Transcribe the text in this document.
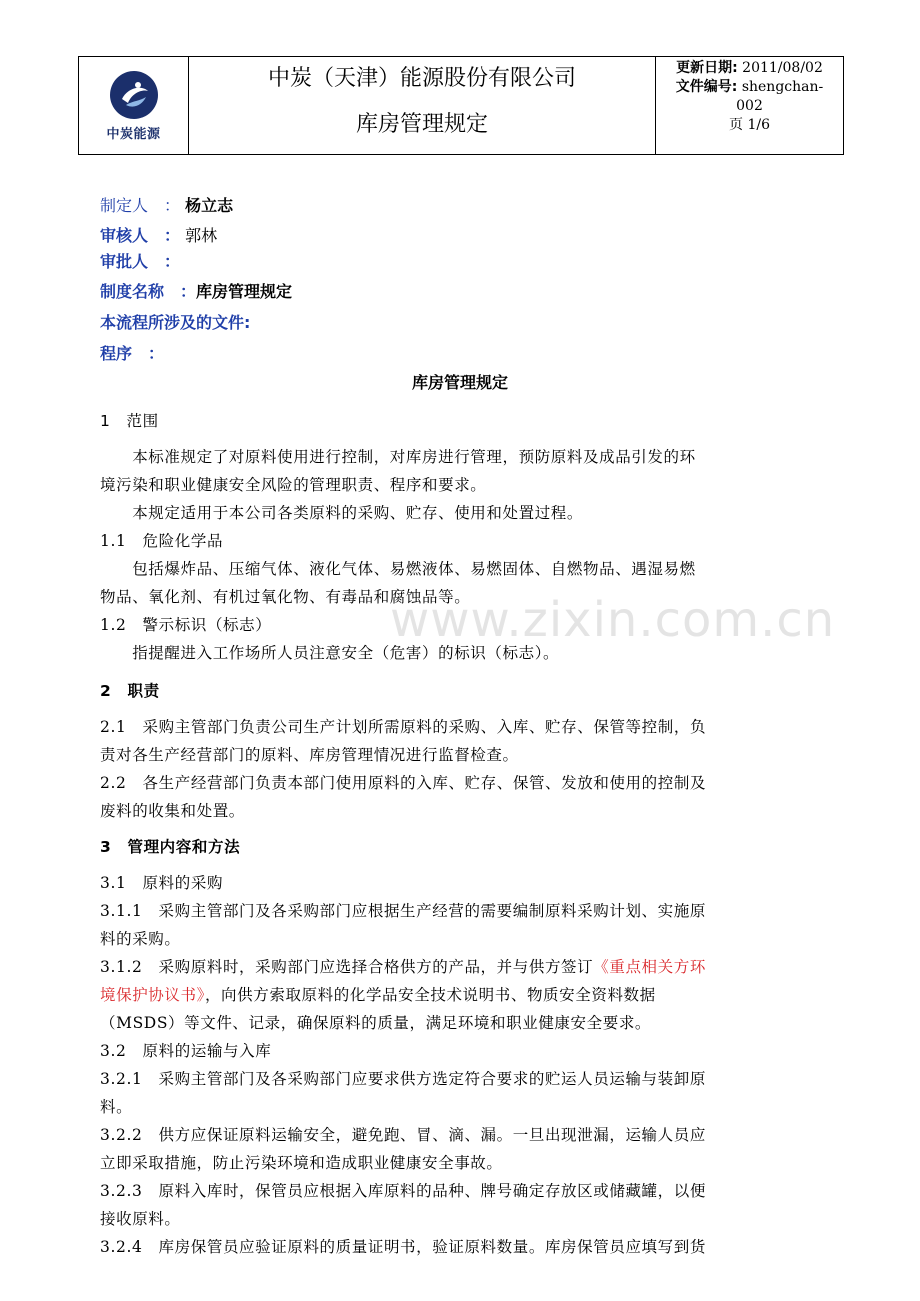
中炭能源
中炭（天津）能源股份有限公司
库房管理规定
更新日期: 2011/08/02
文件编号: shengchan-
002
页 1/6
制定人　： 杨立志
审核人　： 郭林
审批人　：
制度名称　：库房管理规定
本流程所涉及的文件:
程序　：
库房管理规定
www.zixin.com.cn
1　范围
　　本标准规定了对原料使用进行控制，对库房进行管理，预防原料及成品引发的环
境污染和职业健康安全风险的管理职责、程序和要求。
　　本规定适用于本公司各类原料的采购、贮存、使用和处置过程。
1.1　危险化学品
　　包括爆炸品、压缩气体、液化气体、易燃液体、易燃固体、自燃物品、遇湿易燃
物品、氧化剂、有机过氧化物、有毒品和腐蚀品等。
1.2　警示标识（标志）
　　指提醒进入工作场所人员注意安全（危害）的标识（标志）。
2　职责
2.1　采购主管部门负责公司生产计划所需原料的采购、入库、贮存、保管等控制，负
责对各生产经营部门的原料、库房管理情况进行监督检查。
2.2　各生产经营部门负责本部门使用原料的入库、贮存、保管、发放和使用的控制及
废料的收集和处置。
3　管理内容和方法
3.1　原料的采购
3.1.1　采购主管部门及各采购部门应根据生产经营的需要编制原料采购计划、实施原
料的采购。
3.1.2　采购原料时，采购部门应选择合格供方的产品，并与供方签订《重点相关方环
境保护协议书》，向供方索取原料的化学品安全技术说明书、物质安全资料数据
（MSDS）等文件、记录，确保原料的质量，满足环境和职业健康安全要求。
3.2　原料的运输与入库
3.2.1　采购主管部门及各采购部门应要求供方选定符合要求的贮运人员运输与装卸原
料。
3.2.2　供方应保证原料运输安全，避免跑、冒、滴、漏。一旦出现泄漏，运输人员应
立即采取措施，防止污染环境和造成职业健康安全事故。
3.2.3　原料入库时，保管员应根据入库原料的品种、牌号确定存放区或储藏罐，以便
接收原料。
3.2.4　库房保管员应验证原料的质量证明书，验证原料数量。库房保管员应填写到货
